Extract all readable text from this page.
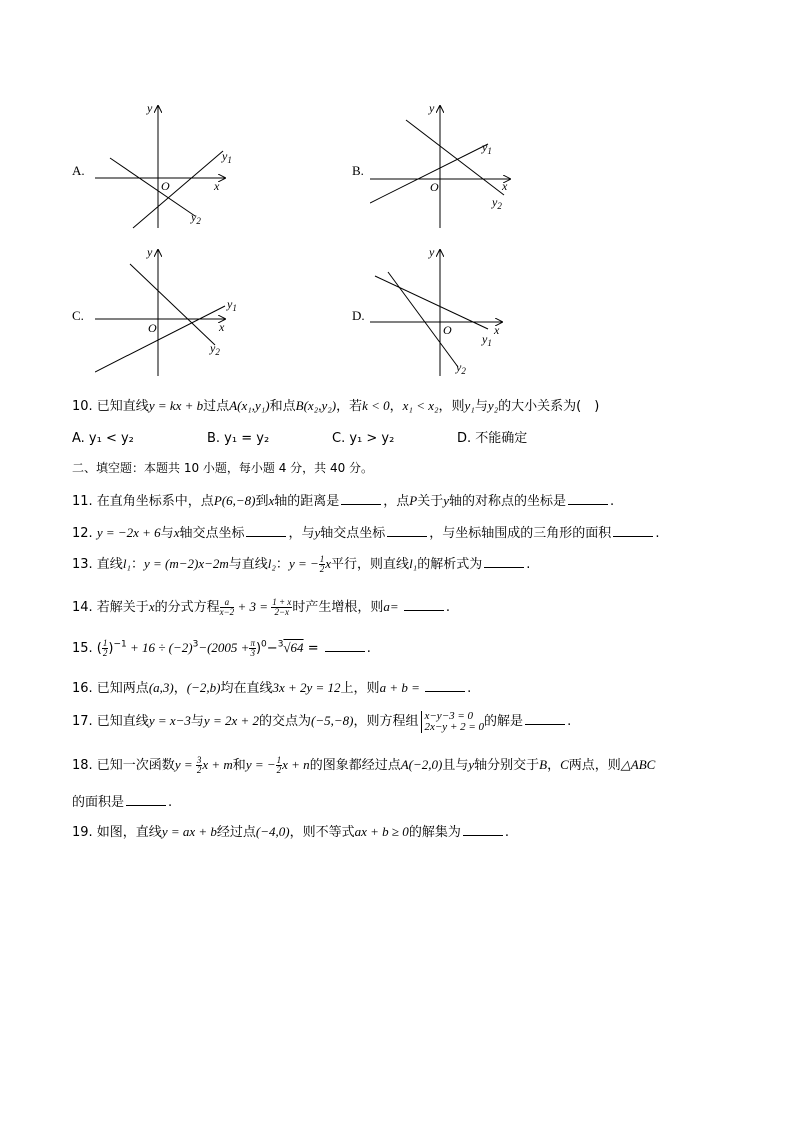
A.
y
x
O
$y_1$
$y_2$
B.
y
x
O
$y_1$
$y_2$
C.
y
x
O
$y_1$
$y_2$
D.
y
x
O
$y_1$
$y_2$
10. 已知直线y = kx + b过点A(x₁,y₁)和点B(x₂,y₂)，若k < 0，x₁ < x₂，则y₁与y₂的大小关系为(　)
A. y₁ < y₂	B. y₁ = y₂	C. y₁ > y₂	D. 不能确定
二、填空题：本题共 10 小题，每小题 4 分，共 40 分。
11. 在直角坐标系中，点P(6,−8)到x轴的距离是	，点P关于y轴的对称点的坐标是	.
12. y = −2x + 6与x轴交点坐标	，与y轴交点坐标	，与坐标轴围成的三角形的面积	.
13. 直线l₁：y = (m−2)x−2m与直线l₂：y = − $\frac{1}{2}$ x平行，则直线l₁的解析式为	.
14. 若解关于x的分式方程 $\frac{a}{x-2} + 3 = \frac{1 + x}{2-x}$ 时产生增根，则a=	.
15. ( $\frac{1}{2} )^{-1} + 16 \div (-2)^3-(2005 + \frac{\pi}{3} )^0-^3√64$ =	.
16. 已知两点(a,3)，(−2,b)均在直线3x + 2y = 12上，则a + b =	.
17. 已知直线y = x−3与y = 2x + 2的交点为(−5,−8)，则方程组 x−y−3 = 0
2x−y + 2 = 0 的解是	.
18. 已知一次函数$y = \frac{3}{2}$ x + m和y = − $\frac{1}{2}$ x + n的图象都经过点A(−2,0)且与y轴分别交于B，C两点，则△ABC
的面积是	.
19. 如图，直线y = ax + b经过点(−4,0)，则不等式ax + b ≥ 0的解集为	.
